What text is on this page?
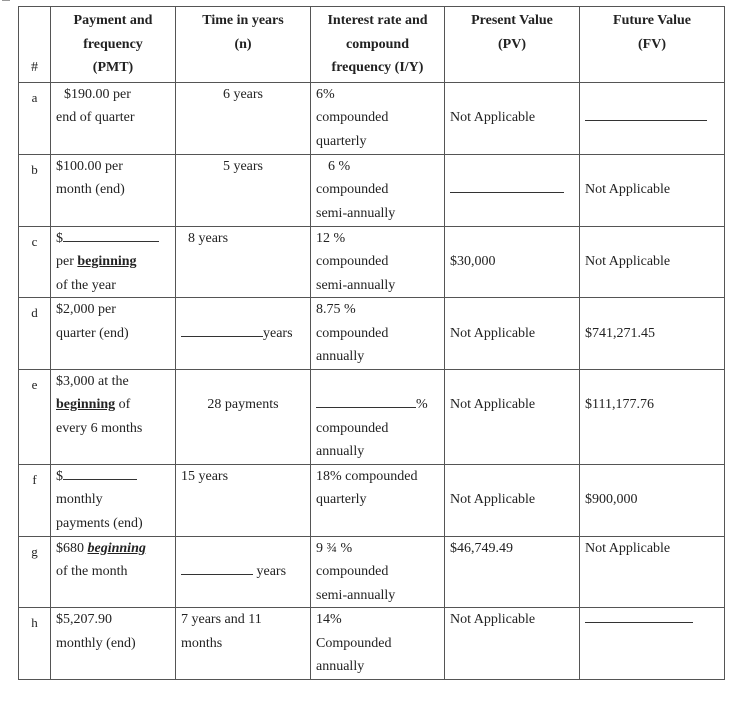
#	Payment and
frequency
(PMT)	Time in years
(n)	Interest rate and
compound
frequency (I/Y)	Present Value
(PV)	Future Value
(FV)

a	$190.00 per
end of quarter	6 years	6%
compounded
quarterly	Not Applicable	

b	$100.00 per
month (end)	5 years	6 %
compounded
semi-annually		Not Applicable

c	$
per beginning
of the year	8 years	12 %
compounded
semi-annually	$30,000	Not Applicable

d	$2,000 per
quarter (end)	years	8.75 %
compounded
annually	Not Applicable	$741,271.45

e	$3,000 at the
beginning of
every 6 months	28 payments	%
compounded
annually	Not Applicable	$111,177.76

f	$
monthly
payments (end)	15 years	18% compounded
quarterly	Not Applicable	$900,000

g	$680 beginning
of the month	years	9 ¾ %
compounded
semi-annually	$46,749.49	Not Applicable

h	$5,207.90
monthly (end)	7 years and 11
months	14%
Compounded
annually	Not Applicable	
